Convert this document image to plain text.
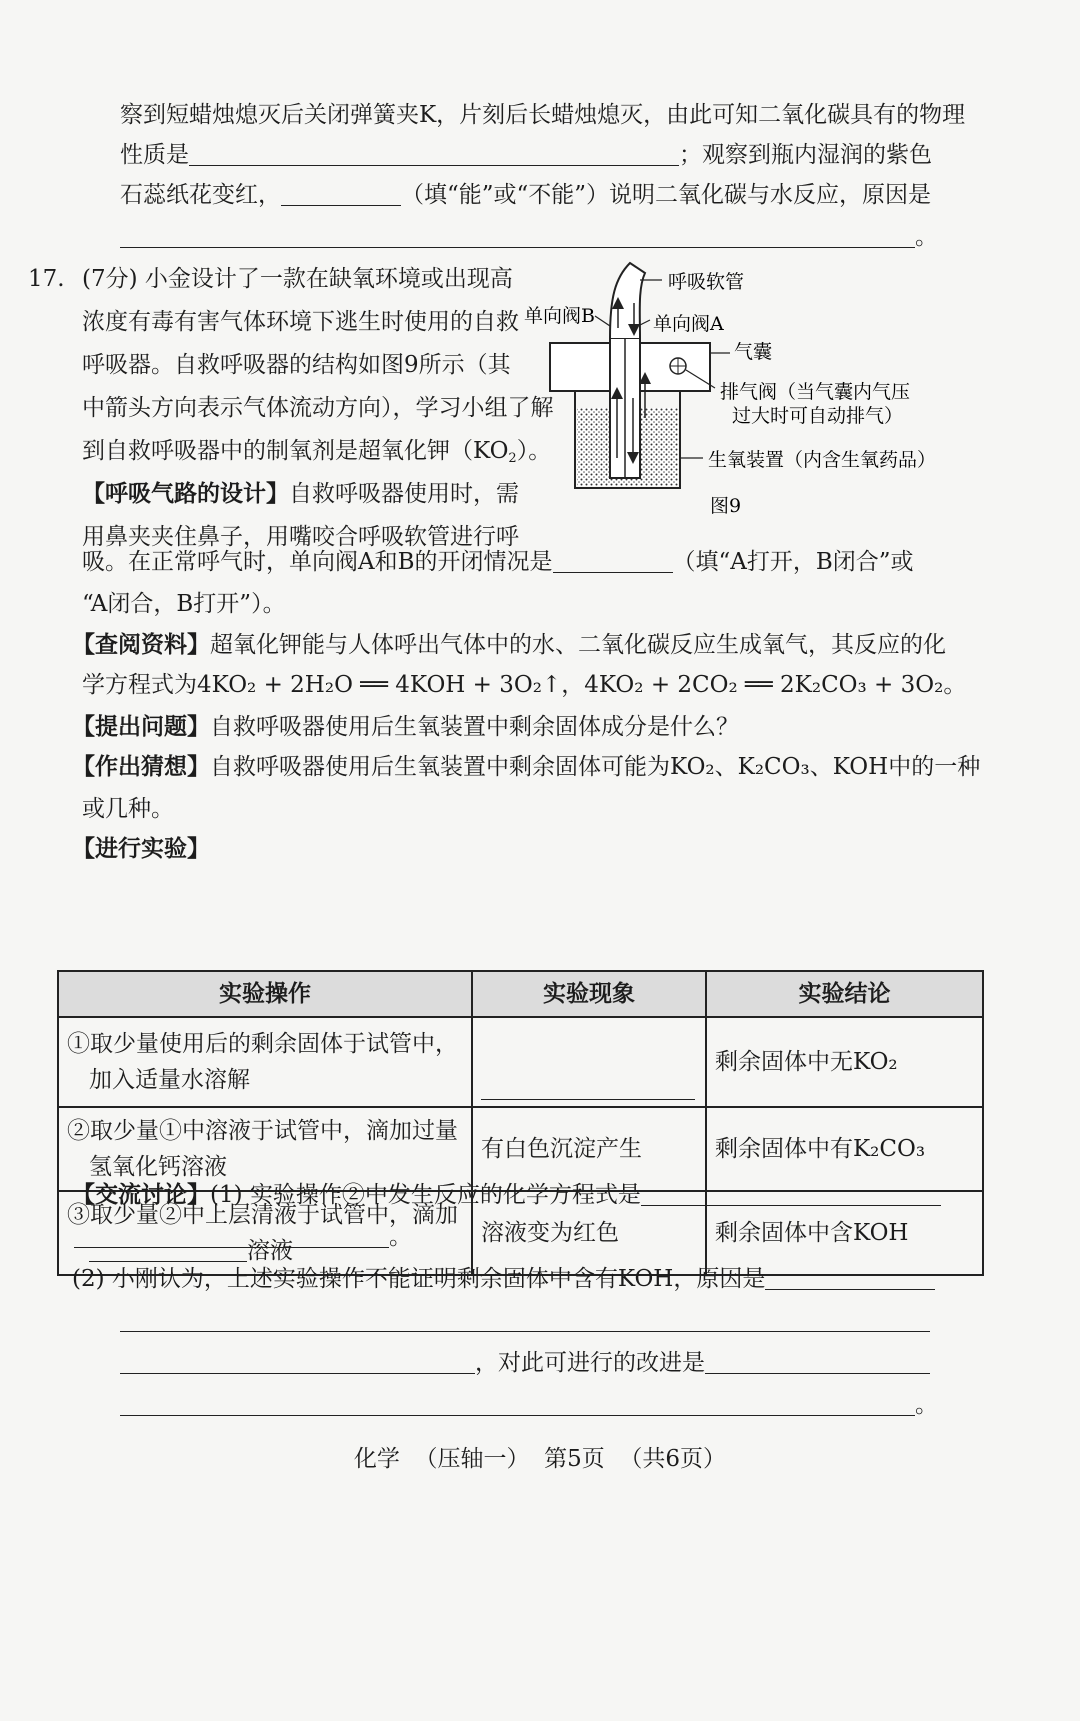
察到短蜡烛熄灭后关闭弹簧夹K，片刻后长蜡烛熄灭，由此可知二氧化碳具有的物理
性质是	；观察到瓶内湿润的紫色
石蕊纸花变红，	（填“能”或“不能”）说明二氧化碳与水反应，原因是
。
17. (7分) 小金设计了一款在缺氧环境或出现高
浓度有毒有害气体环境下逃生时使用的自救
呼吸器。自救呼吸器的结构如图9所示（其
中箭头方向表示气体流动方向），学习小组了解
到自救呼吸器中的制氧剂是超氧化钾$(KO_2)$。
【呼吸气路的设计】自救呼吸器使用时，需
用鼻夹夹住鼻子，用嘴咬合呼吸软管进行呼
呼吸软管
单向阀B	单向阀A
气囊
排气阀（当气囊内气压
过大时可自动排气）
生氧装置（内含生氧药品）
图9
吸。在正常呼气时，单向阀A和B的开闭情况是	（填“A打开，B闭合”或
“A闭合，B打开”）。
【查阅资料】超氧化钾能与人体呼出气体中的水、二氧化碳反应生成氧气，其反应的化
学方程式为4KO₂ + 2H₂O ══ 4KOH + 3O₂↑，4KO₂ + 2CO₂ ══ 2K₂CO₃ + 3O₂。
【提出问题】自救呼吸器使用后生氧装置中剩余固体成分是什么？
【作出猜想】自救呼吸器使用后生氧装置中剩余固体可能为KO₂、K₂CO₃、KOH中的一种
或几种。
【进行实验】
实验操作	实验现象	实验结论

①取少量使用后的剩余固体于试管中，
加入适量水溶解		剩余固体中无KO₂

②取少量①中溶液于试管中，滴加过量
氢氧化钙溶液	有白色沉淀产生	剩余固体中有K₂CO₃

③取少量②中上层清液于试管中，滴加
溶液	溶液变为红色	剩余固体中含KOH
【交流讨论】(1) 实验操作②中发生反应的化学方程式是
。
(2) 小刚认为，上述实验操作不能证明剩余固体中含有KOH，原因是
，对此可进行的改进是
。
化学  （压轴一）  第5页  （共6页）
